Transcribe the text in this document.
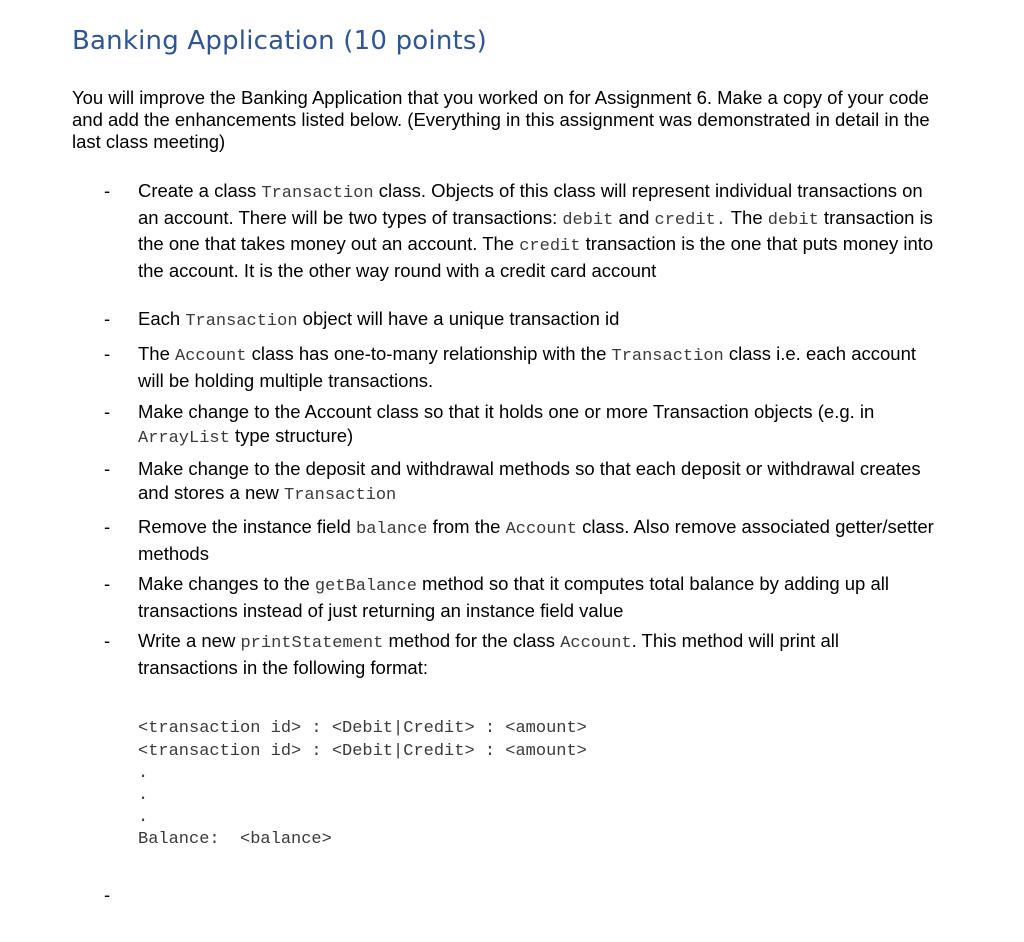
Banking Application (10 points)

You will improve the Banking Application that you worked on for Assignment 6. Make a copy of your code and add the enhancements listed below. (Everything in this assignment was demonstrated in detail in the last class meeting)

- Create a class Transaction class. Objects of this class will represent individual transactions on an account. There will be two types of transactions: debit and credit. The debit transaction is the one that takes money out an account. The credit transaction is the one that puts money into the account. It is the other way round with a credit card account
- Each Transaction object will have a unique transaction id
- The Account class has one-to-many relationship with the Transaction class i.e. each account will be holding multiple transactions.
- Make change to the Account class so that it holds one or more Transaction objects (e.g. in ArrayList type structure)
- Make change to the deposit and withdrawal methods so that each deposit or withdrawal creates and stores a new Transaction
- Remove the instance field balance from the Account class. Also remove associated getter/setter methods
- Make changes to the getBalance method so that it computes total balance by adding up all transactions instead of just returning an instance field value
- Write a new printStatement method for the class Account. This method will print all transactions in the following format:
<transaction id> : <Debit|Credit> : <amount>
<transaction id> : <Debit|Credit> : <amount>
.
.
.
Balance:  <balance>
-
